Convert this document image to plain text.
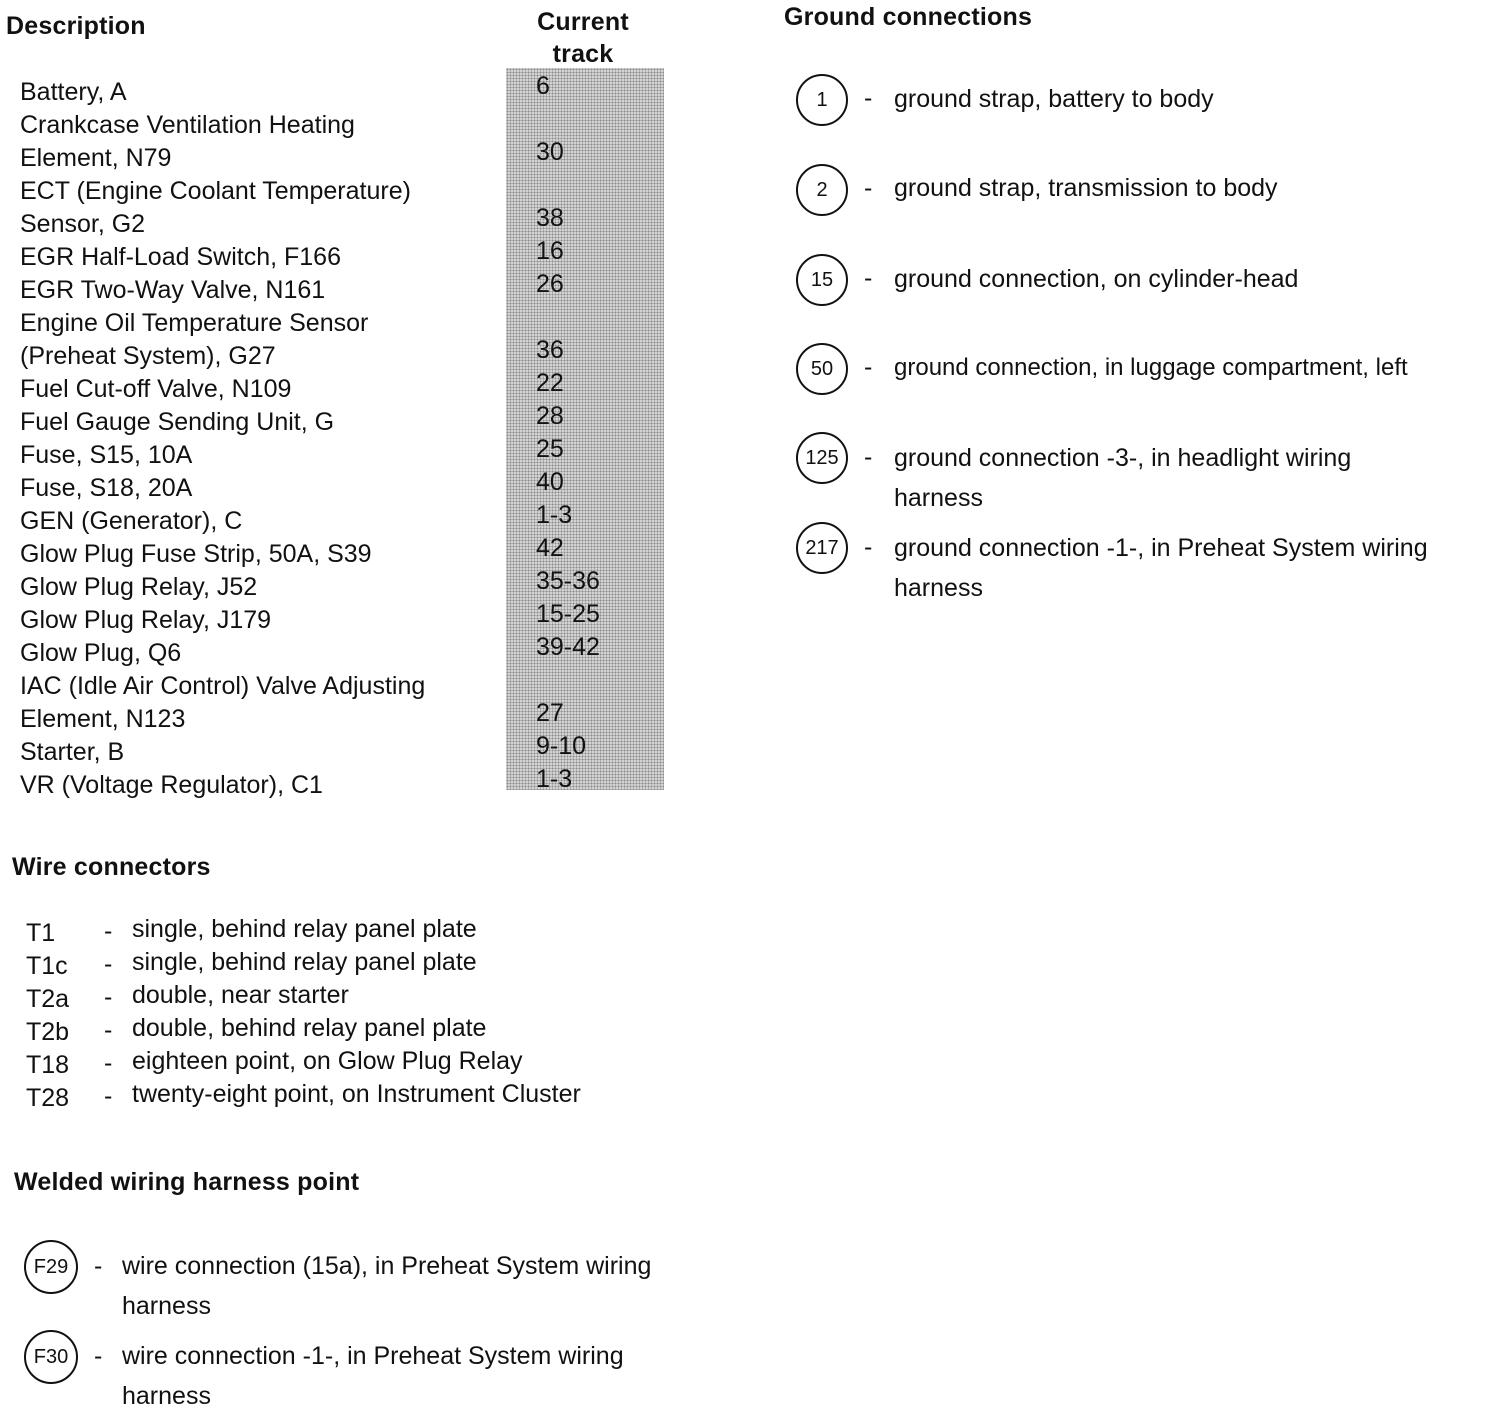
Description	Current
track
Battery, A
Crankcase Ventilation Heating
Element, N79
ECT (Engine Coolant Temperature)
Sensor, G2
EGR Half-Load Switch, F166
EGR Two-Way Valve, N161
Engine Oil Temperature Sensor
(Preheat System), G27
Fuel Cut-off Valve, N109
Fuel Gauge Sending Unit, G
Fuse, S15, 10A
Fuse, S18, 20A
GEN (Generator), C
Glow Plug Fuse Strip, 50A, S39
Glow Plug Relay, J52
Glow Plug Relay, J179
Glow Plug, Q6
IAC (Idle Air Control) Valve Adjusting
Element, N123
Starter, B
VR (Voltage Regulator), C1
6
30
38
16
26
36
22
28
25
40
1-3
42
35-36
15-25
39-42
27
9-10
1-3
Ground connections
1 - ground strap, battery to body
2 - ground strap, transmission to body
15 - ground connection, on cylinder-head
50 - ground connection, in luggage compartment, left
125 - ground connection -3-, in headlight wiring
harness
217 - ground connection -1-, in Preheat System wiring
harness
Wire connectors
T1
T1c
T2a
T2b
T18
T28
-
-
-
-
-
-
single, behind relay panel plate
single, behind relay panel plate
double, near starter
double, behind relay panel plate
eighteen point, on Glow Plug Relay
twenty-eight point, on Instrument Cluster
Welded wiring harness point
F29 - wire connection (15a), in Preheat System wiring
harness
F30 - wire connection -1-, in Preheat System wiring
harness
